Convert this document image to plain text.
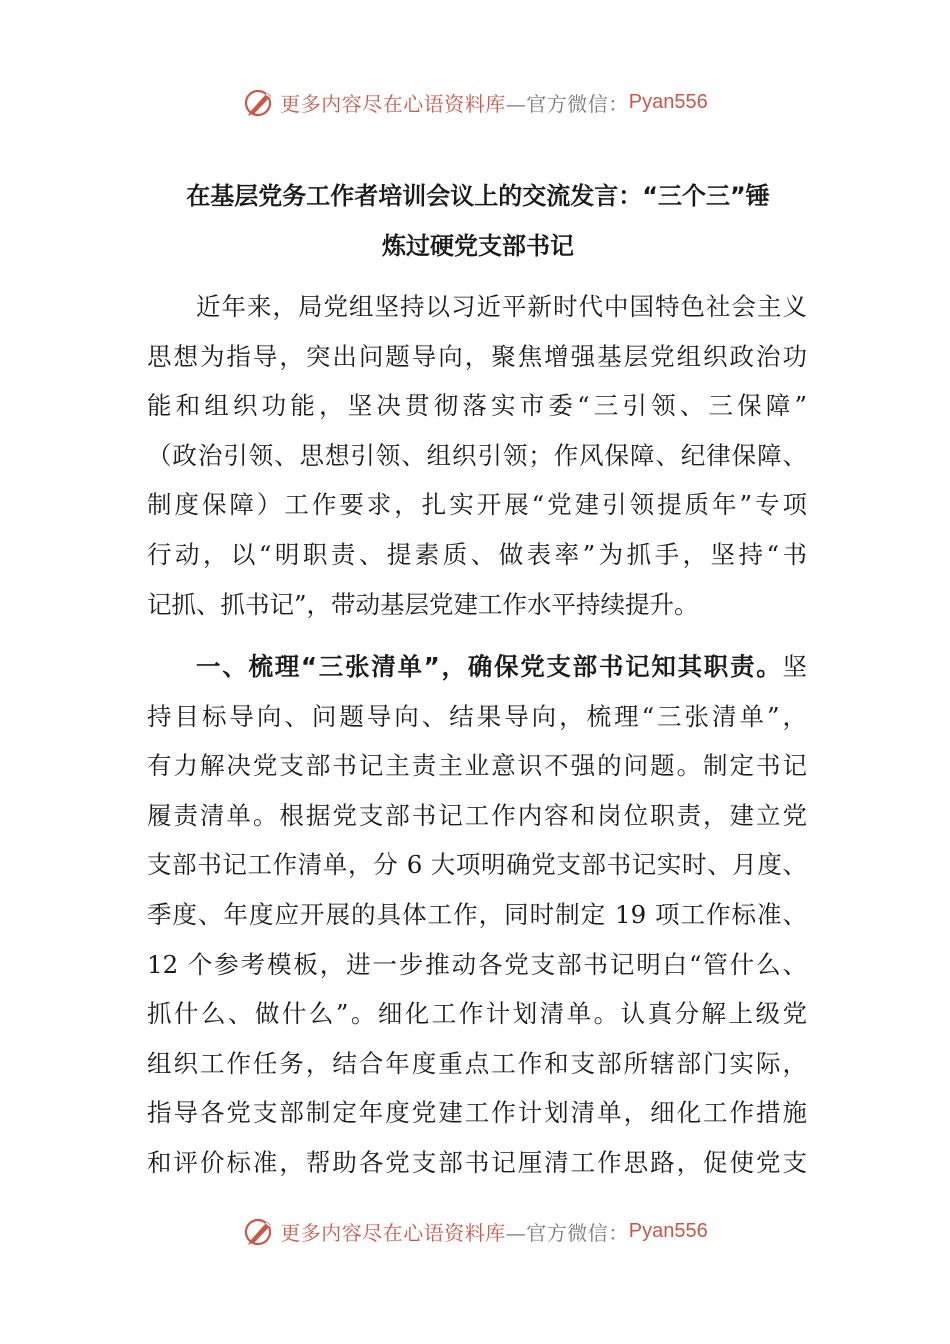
更多内容尽在心语资料库 —官方微信： Pyan556
在基层党务工作者培训会议上的交流发言：“三个三”锤
炼过硬党支部书记
近年来，局党组坚持以习近平新时代中国特色社会主义
思想为指导，突出问题导向，聚焦增强基层党组织政治功
能和组织功能，坚决贯彻落实市委“三引领、三保障”
（政治引领、思想引领、组织引领；作风保障、纪律保障、
制度保障）工作要求，扎实开展“党建引领提质年”专项
行动，以“明职责、提素质、做表率”为抓手，坚持“书
记抓、抓书记”，带动基层党建工作水平持续提升。
一、梳理“三张清单”，确保党支部书记知其职责。坚
持目标导向、问题导向、结果导向，梳理“三张清单”，
有力解决党支部书记主责主业意识不强的问题。制定书记
履责清单。根据党支部书记工作内容和岗位职责，建立党
支部书记工作清单，分 6 大项明确党支部书记实时、月度、
季度、年度应开展的具体工作，同时制定 19 项工作标准、
12 个参考模板，进一步推动各党支部书记明白“管什么、
抓什么、做什么”。细化工作计划清单。认真分解上级党
组织工作任务，结合年度重点工作和支部所辖部门实际，
指导各党支部制定年度党建工作计划清单，细化工作措施
和评价标准，帮助各党支部书记厘清工作思路，促使党支
更多内容尽在心语资料库 —官方微信： Pyan556
